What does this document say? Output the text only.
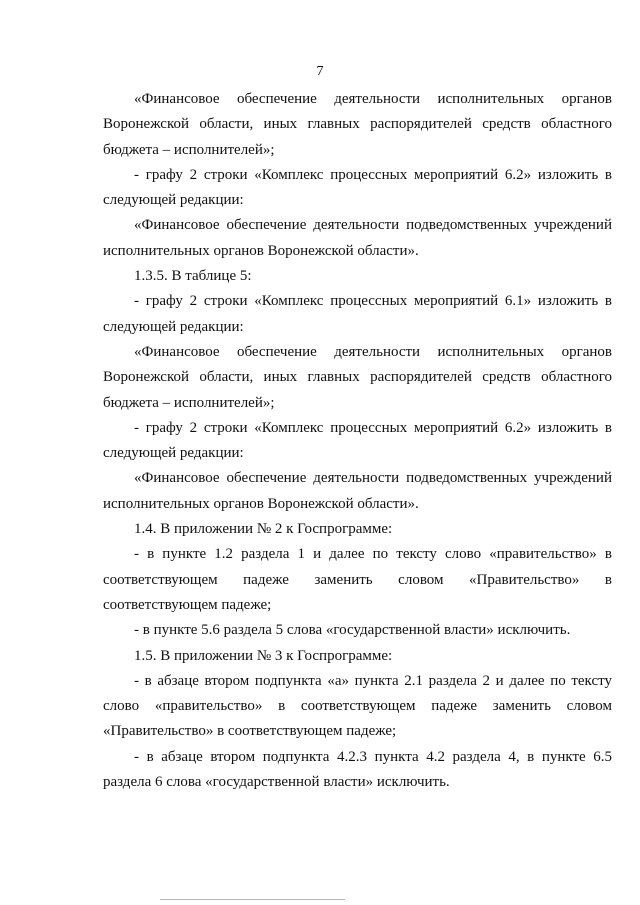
7

«Финансовое обеспечение деятельности исполнительных органов Воронежской области, иных главных распорядителей средств областного бюджета – исполнителей»;

- графу 2 строки «Комплекс процессных мероприятий 6.2» изложить в следующей редакции:

«Финансовое обеспечение деятельности подведомственных учреждений исполнительных органов Воронежской области».

1.3.5. В таблице 5:

- графу 2 строки «Комплекс процессных мероприятий 6.1» изложить в следующей редакции:

«Финансовое обеспечение деятельности исполнительных органов Воронежской области, иных главных распорядителей средств областного бюджета – исполнителей»;

- графу 2 строки «Комплекс процессных мероприятий 6.2» изложить в следующей редакции:

«Финансовое обеспечение деятельности подведомственных учреждений исполнительных органов Воронежской области».

1.4. В приложении № 2 к Госпрограмме:

- в пункте 1.2 раздела 1 и далее по тексту слово «правительство» в соответствующем падеже заменить словом «Правительство» в соответствующем падеже;

- в пункте 5.6 раздела 5 слова «государственной власти» исключить.

1.5. В приложении № 3 к Госпрограмме:

- в абзаце втором подпункта «а» пункта 2.1 раздела 2 и далее по тексту слово «правительство» в соответствующем падеже заменить словом «Правительство» в соответствующем падеже;

- в абзаце втором подпункта 4.2.3 пункта 4.2 раздела 4, в пункте 6.5 раздела 6 слова «государственной власти» исключить.
